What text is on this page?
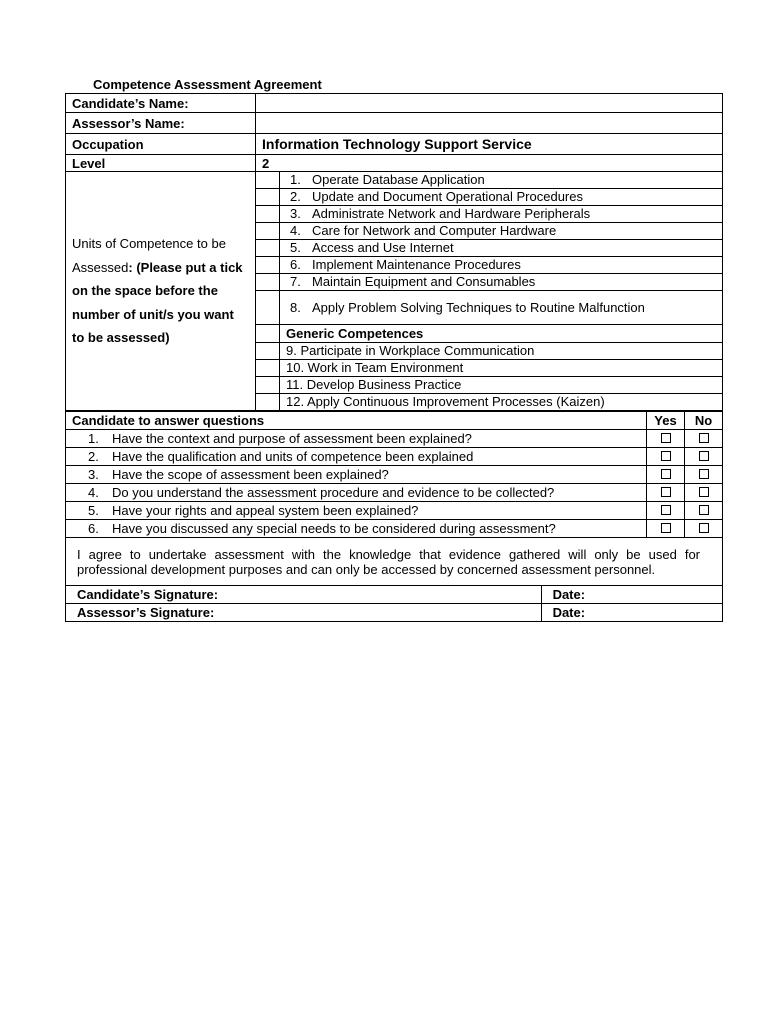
Competence Assessment Agreement
Candidate’s Name:		
Assessor’s Name:		
Occupation	Information Technology Support Service	
Level	2	
Units of Competence to be Assessed: (Please put a tick on the space before the number of unit/s you want to be assessed)		1. Operate Database Application
		2. Update and Document Operational Procedures
		3. Administrate Network and Hardware Peripherals
		4. Care for Network and Computer Hardware
		5. Access and Use Internet
		6. Implement Maintenance Procedures
		7. Maintain Equipment and Consumables
		8. Apply Problem Solving Techniques to Routine Malfunction
		Generic Competences
		9. Participate in Workplace Communication
		10. Work in Team Environment
		11. Develop Business Practice
		12. Apply Continuous Improvement Processes (Kaizen)
Candidate to answer questions		Yes	No
1. Have the context and purpose of assessment been explained?			
2. Have the qualification and units of competence been explained			
3. Have the scope of assessment been explained?			
4. Do you understand the assessment procedure and evidence to be collected?			
5. Have your rights and appeal system been explained?			
6. Have you discussed any special needs to be considered during assessment?			
I agree to undertake assessment with the knowledge that evidence gathered will only be used for professional development purposes and can only be accessed by concerned assessment personnel.			
Candidate’s Signature:	Date:		
Assessor’s Signature:	Date:		
